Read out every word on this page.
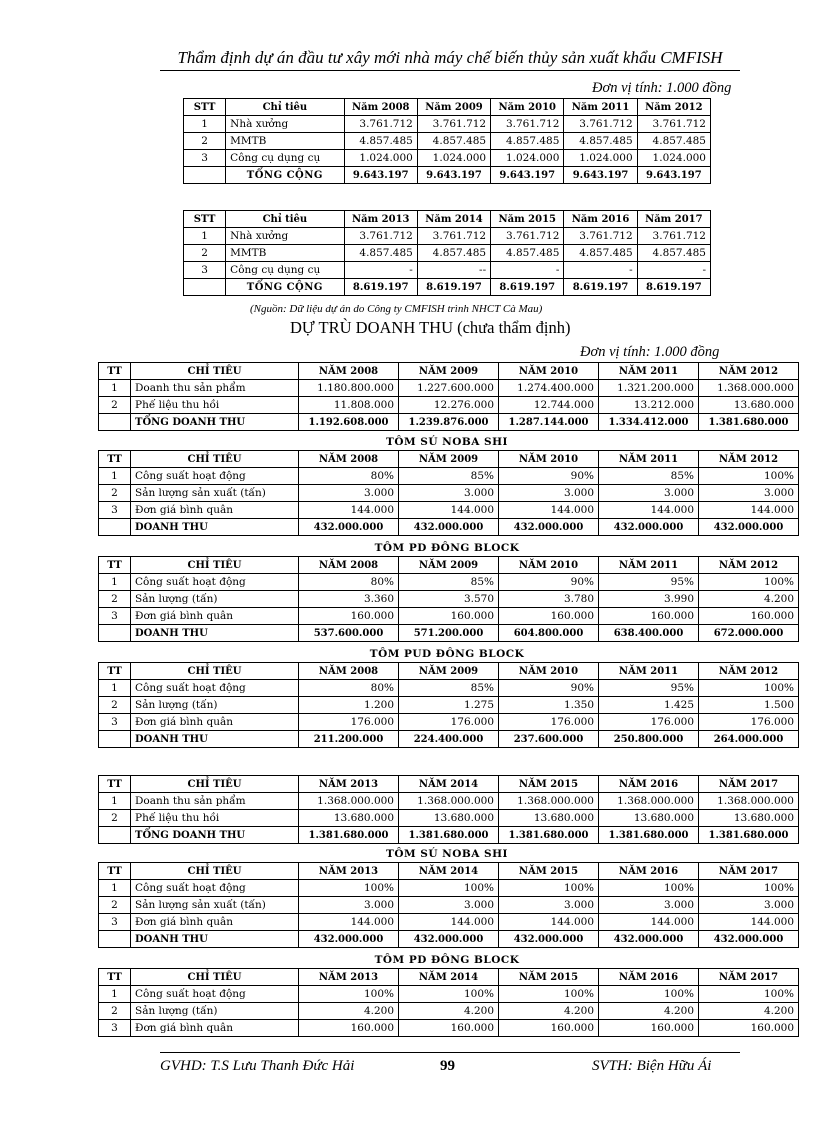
Thẩm định dự án đầu tư xây mới nhà máy chế biến thủy sản xuất khẩu CMFISH
Đơn vị tính: 1.000 đồng
STT	Chỉ tiêu	Năm 2008	Năm 2009	Năm 2010	Năm 2011	Năm 2012
1	Nhà xưởng	3.761.712	3.761.712	3.761.712	3.761.712	3.761.712
2	MMTB	4.857.485	4.857.485	4.857.485	4.857.485	4.857.485
3	Công cụ dụng cụ	1.024.000	1.024.000	1.024.000	1.024.000	1.024.000
	TỔNG CỘNG	9.643.197	9.643.197	9.643.197	9.643.197	9.643.197
STT	Chỉ tiêu	Năm 2013	Năm 2014	Năm 2015	Năm 2016	Năm 2017
1	Nhà xưởng	3.761.712	3.761.712	3.761.712	3.761.712	3.761.712
2	MMTB	4.857.485	4.857.485	4.857.485	4.857.485	4.857.485
3	Công cụ dụng cụ	-	--	-	-	-
	TỔNG CỘNG	8.619.197	8.619.197	8.619.197	8.619.197	8.619.197
(Nguồn: Dữ liệu dự án do Công ty CMFISH trình NHCT Cà Mau)
DỰ TRÙ DOANH THU (chưa thẩm định)
Đơn vị tính: 1.000 đồng
TT	CHỈ TIÊU	NĂM 2008	NĂM 2009	NĂM 2010	NĂM 2011	NĂM 2012
1	Doanh thu sản phẩm	1.180.800.000	1.227.600.000	1.274.400.000	1.321.200.000	1.368.000.000
2	Phế liệu thu hồi	11.808.000	12.276.000	12.744.000	13.212.000	13.680.000
	TỔNG DOANH THU	1.192.608.000	1.239.876.000	1.287.144.000	1.334.412.000	1.381.680.000
TÔM SÚ NOBA SHI
TT	CHỈ TIÊU	NĂM 2008	NĂM 2009	NĂM 2010	NĂM 2011	NĂM 2012
1	Công suất hoạt động	80%	85%	90%	85%	100%
2	Sản lượng sản xuất (tấn)	3.000	3.000	3.000	3.000	3.000
3	Đơn giá bình quân	144.000	144.000	144.000	144.000	144.000
	DOANH THU	432.000.000	432.000.000	432.000.000	432.000.000	432.000.000
TÔM PD ĐÔNG BLOCK
TT	CHỈ TIÊU	NĂM 2008	NĂM 2009	NĂM 2010	NĂM 2011	NĂM 2012
1	Công suất hoạt động	80%	85%	90%	95%	100%
2	Sản lượng (tấn)	3.360	3.570	3.780	3.990	4.200
3	Đơn giá bình quân	160.000	160.000	160.000	160.000	160.000
	DOANH THU	537.600.000	571.200.000	604.800.000	638.400.000	672.000.000
TÔM PUD ĐÔNG BLOCK
TT	CHỈ TIÊU	NĂM 2008	NĂM 2009	NĂM 2010	NĂM 2011	NĂM 2012
1	Công suất hoạt động	80%	85%	90%	95%	100%
2	Sản lượng (tấn)	1.200	1.275	1.350	1.425	1.500
3	Đơn giá bình quân	176.000	176.000	176.000	176.000	176.000
	DOANH THU	211.200.000	224.400.000	237.600.000	250.800.000	264.000.000
TT	CHỈ TIÊU	NĂM 2013	NĂM 2014	NĂM 2015	NĂM 2016	NĂM 2017
1	Doanh thu sản phẩm	1.368.000.000	1.368.000.000	1.368.000.000	1.368.000.000	1.368.000.000
2	Phế liệu thu hồi	13.680.000	13.680.000	13.680.000	13.680.000	13.680.000
	TỔNG DOANH THU	1.381.680.000	1.381.680.000	1.381.680.000	1.381.680.000	1.381.680.000
TÔM SÚ NOBA SHI
TT	CHỈ TIÊU	NĂM 2013	NĂM 2014	NĂM 2015	NĂM 2016	NĂM 2017
1	Công suất hoạt động	100%	100%	100%	100%	100%
2	Sản lượng sản xuất (tấn)	3.000	3.000	3.000	3.000	3.000
3	Đơn giá bình quân	144.000	144.000	144.000	144.000	144.000
	DOANH THU	432.000.000	432.000.000	432.000.000	432.000.000	432.000.000
TÔM PD ĐÔNG BLOCK
TT	CHỈ TIÊU	NĂM 2013	NĂM 2014	NĂM 2015	NĂM 2016	NĂM 2017
1	Công suất hoạt động	100%	100%	100%	100%	100%
2	Sản lượng (tấn)	4.200	4.200	4.200	4.200	4.200
3	Đơn giá bình quân	160.000	160.000	160.000	160.000	160.000
GVHD: T.S Lưu Thanh Đức Hải	99	SVTH: Biện Hữu Ái
